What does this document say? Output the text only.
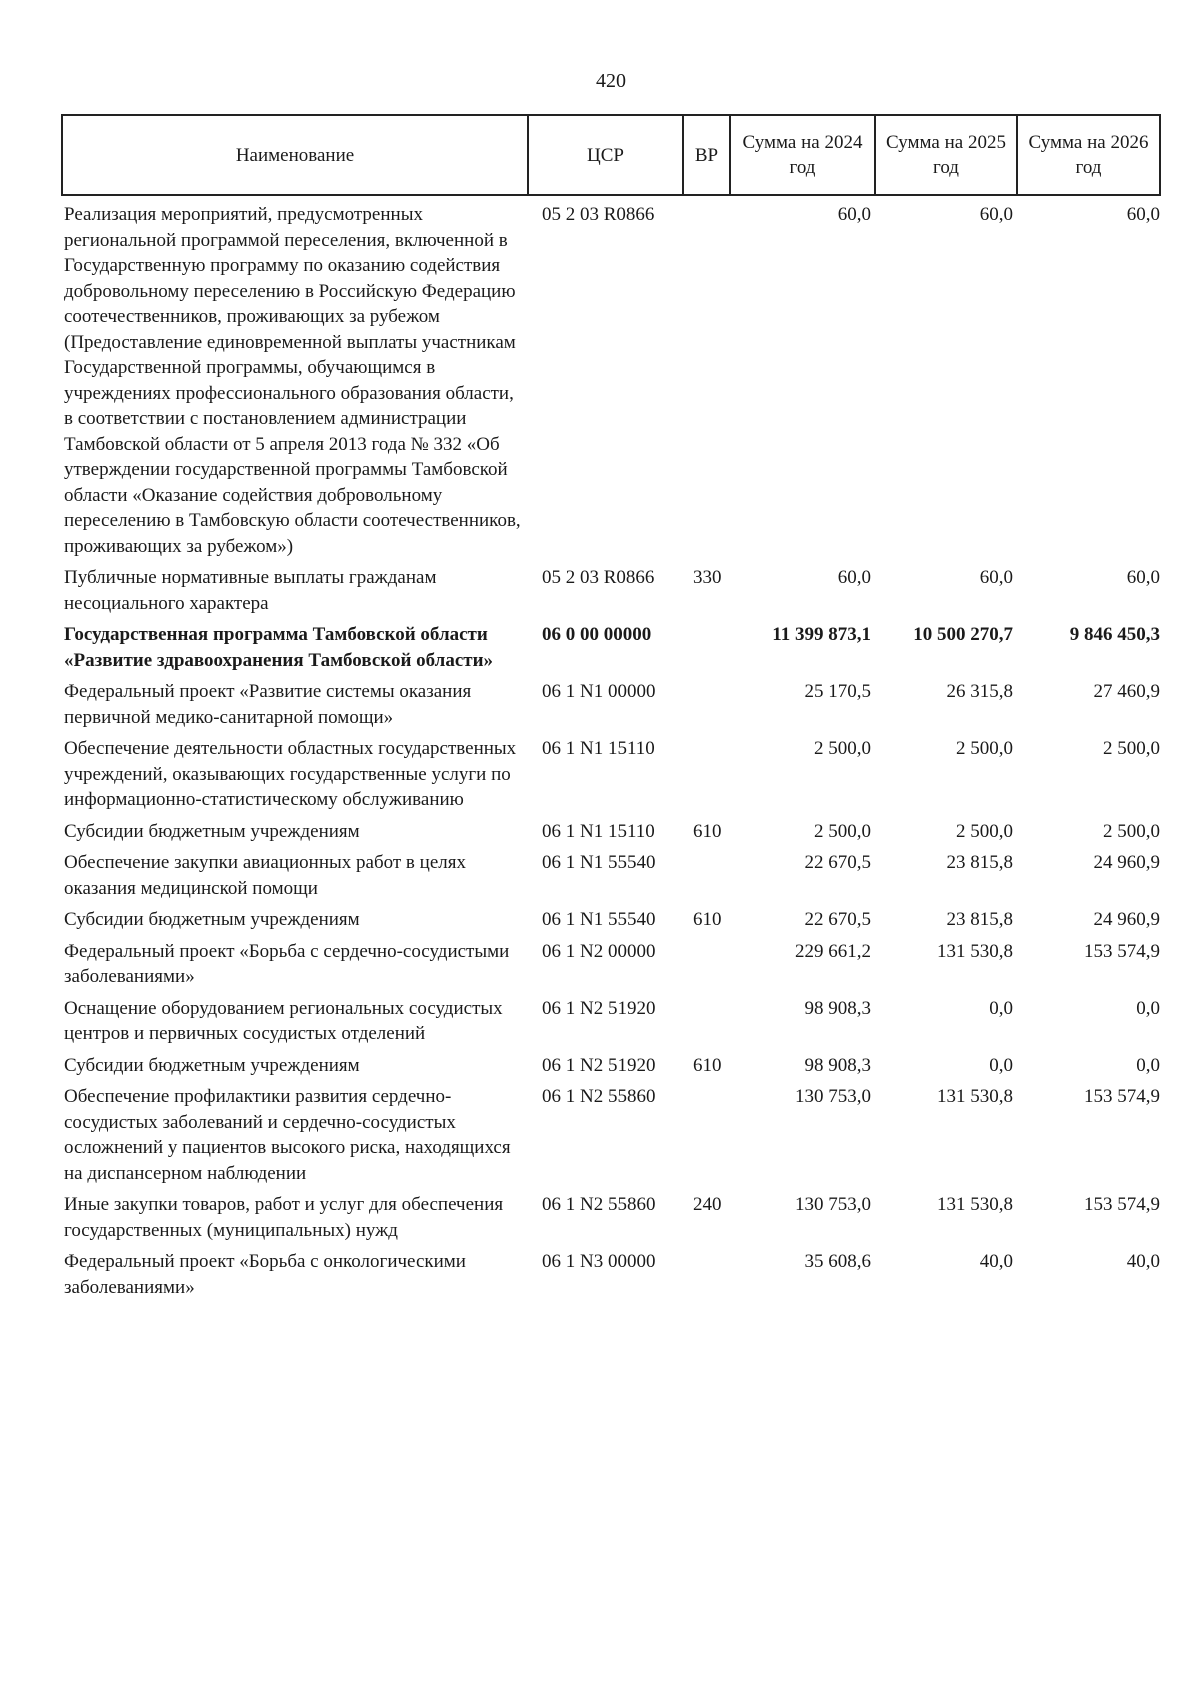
420
Наименование	ЦСР	ВР	Сумма на 2024 год	Сумма на 2025 год	Сумма на 2026 год
Реализация мероприятий, предусмотренных региональной программой переселения, включенной в Государственную программу по оказанию содействия добровольному переселению в Российскую Федерацию соотечественников, проживающих за рубежом (Предоставление единовременной выплаты участникам Государственной программы, обучающимся в учреждениях профессионального образования области, в соответствии с постановлением администрации Тамбовской области от 5 апреля 2013 года № 332 «Об утверждении государственной программы Тамбовской области «Оказание содействия добровольному переселению в Тамбовскую области соотечественников, проживающих за рубежом»)	05 2 03 R0866		60,0	60,0	60,0
Публичные нормативные выплаты гражданам несоциального характера	05 2 03 R0866	330	60,0	60,0	60,0
Государственная программа Тамбовской области «Развитие здравоохранения Тамбовской области»	06 0 00 00000		11 399 873,1	10 500 270,7	9 846 450,3
Федеральный проект «Развитие системы оказания первичной медико-санитарной помощи»	06 1 N1 00000		25 170,5	26 315,8	27 460,9
Обеспечение деятельности областных государственных учреждений, оказывающих государственные услуги по информационно-статистическому обслуживанию	06 1 N1 15110		2 500,0	2 500,0	2 500,0
Субсидии бюджетным учреждениям	06 1 N1 15110	610	2 500,0	2 500,0	2 500,0
Обеспечение закупки авиационных работ в целях оказания медицинской помощи	06 1 N1 55540		22 670,5	23 815,8	24 960,9
Субсидии бюджетным учреждениям	06 1 N1 55540	610	22 670,5	23 815,8	24 960,9
Федеральный проект «Борьба с сердечно-сосудистыми заболеваниями»	06 1 N2 00000		229 661,2	131 530,8	153 574,9
Оснащение оборудованием региональных сосудистых центров и первичных сосудистых отделений	06 1 N2 51920		98 908,3	0,0	0,0
Субсидии бюджетным учреждениям	06 1 N2 51920	610	98 908,3	0,0	0,0
Обеспечение профилактики развития сердечно-сосудистых заболеваний и сердечно-сосудистых осложнений у пациентов высокого риска, находящихся на диспансерном наблюдении	06 1 N2 55860		130 753,0	131 530,8	153 574,9
Иные закупки товаров, работ и услуг для обеспечения государственных (муниципальных) нужд	06 1 N2 55860	240	130 753,0	131 530,8	153 574,9
Федеральный проект «Борьба с онкологическими заболеваниями»	06 1 N3 00000		35 608,6	40,0	40,0
